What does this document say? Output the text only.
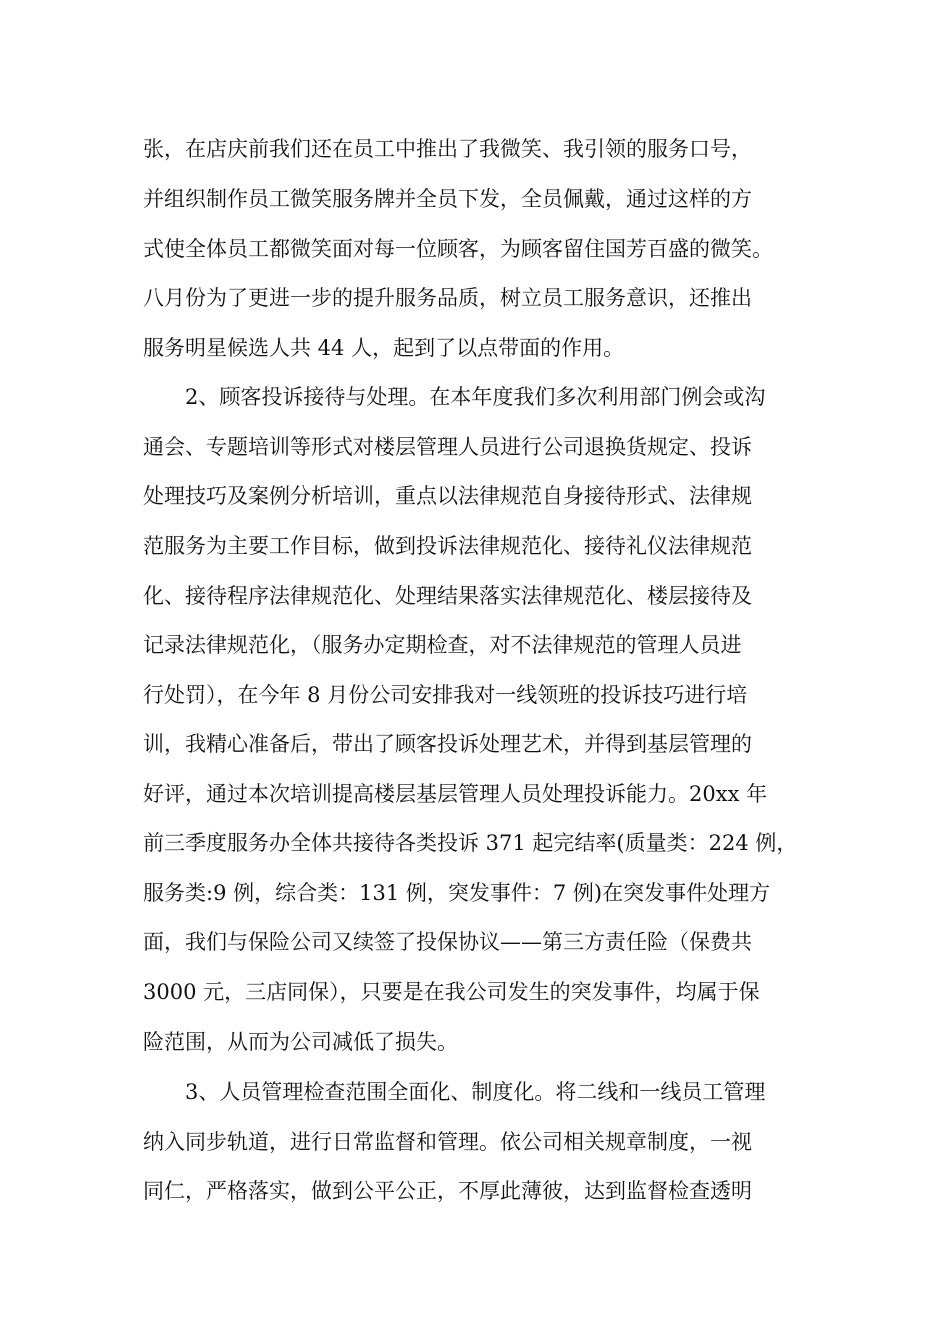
张，在店庆前我们还在员工中推出了我微笑、我引领的服务口号，
并组织制作员工微笑服务牌并全员下发，全员佩戴，通过这样的方
式使全体员工都微笑面对每一位顾客，为顾客留住国芳百盛的微笑。
八月份为了更进一步的提升服务品质，树立员工服务意识，还推出
服务明星候选人共 44 人，起到了以点带面的作用。
2、顾客投诉接待与处理。在本年度我们多次利用部门例会或沟
通会、专题培训等形式对楼层管理人员进行公司退换货规定、投诉
处理技巧及案例分析培训，重点以法律规范自身接待形式、法律规
范服务为主要工作目标，做到投诉法律规范化、接待礼仪法律规范
化、接待程序法律规范化、处理结果落实法律规范化、楼层接待及
记录法律规范化，（服务办定期检查，对不法律规范的管理人员进
行处罚），在今年 8 月份公司安排我对一线领班的投诉技巧进行培
训，我精心准备后，带出了顾客投诉处理艺术，并得到基层管理的
好评，通过本次培训提高楼层基层管理人员处理投诉能力。20xx 年
前三季度服务办全体共接待各类投诉 371 起完结率(质量类：224 例，
服务类:9 例，综合类：131 例，突发事件：7 例)在突发事件处理方
面，我们与保险公司又续签了投保协议——第三方责任险（保费共
3000 元，三店同保），只要是在我公司发生的突发事件，均属于保
险范围，从而为公司减低了损失。
3、人员管理检查范围全面化、制度化。将二线和一线员工管理
纳入同步轨道，进行日常监督和管理。依公司相关规章制度，一视
同仁，严格落实，做到公平公正，不厚此薄彼，达到监督检查透明
